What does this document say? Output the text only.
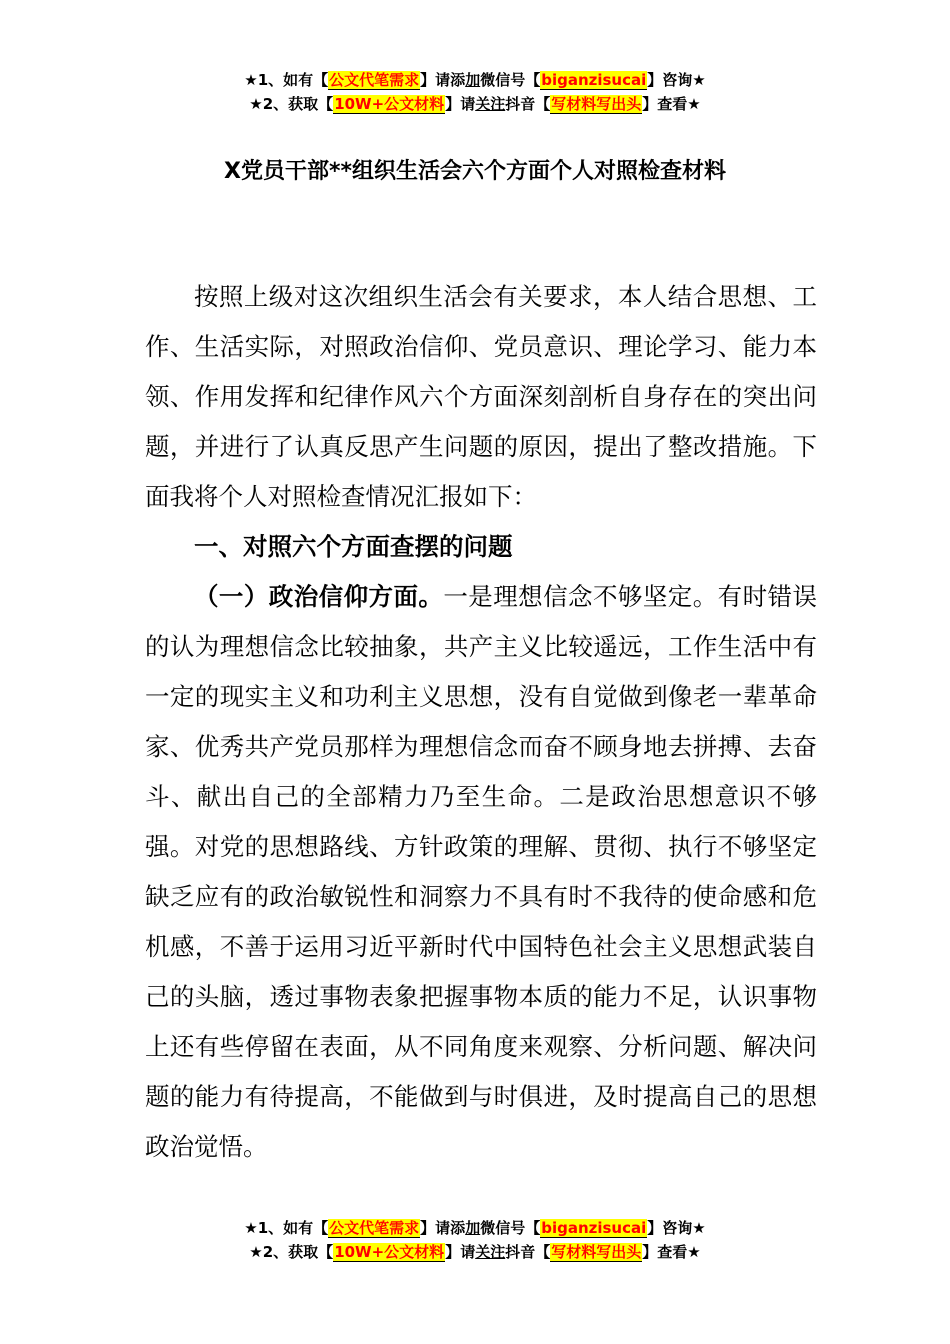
★1、如有【公文代笔需求】请添加微信号【biganzisucai】咨询★
★2、获取【10W+公文材料】请关注抖音【写材料写出头】查看★
X党员干部**组织生活会六个方面个人对照检查材料

按照上级对这次组织生活会有关要求，本人结合思想、工作、生活实际，对照政治信仰、党员意识、理论学习、能力本领、作用发挥和纪律作风六个方面深刻剖析自身存在的突出问题，并进行了认真反思产生问题的原因，提出了整改措施。下面我将个人对照检查情况汇报如下：

一、对照六个方面查摆的问题

（一）政治信仰方面。一是理想信念不够坚定。有时错误的认为理想信念比较抽象，共产主义比较遥远，工作生活中有一定的现实主义和功利主义思想，没有自觉做到像老一辈革命家、优秀共产党员那样为理想信念而奋不顾身地去拼搏、去奋斗、献出自己的全部精力乃至生命。二是政治思想意识不够强。对党的思想路线、方针政策的理解、贯彻、执行不够坚定缺乏应有的政治敏锐性和洞察力不具有时不我待的使命感和危机感，不善于运用习近平新时代中国特色社会主义思想武装自己的头脑，透过事物表象把握事物本质的能力不足，认识事物上还有些停留在表面，从不同角度来观察、分析问题、解决问题的能力有待提高，不能做到与时俱进，及时提高自己的思想政治觉悟。

★1、如有【公文代笔需求】请添加微信号【biganzisucai】咨询★
★2、获取【10W+公文材料】请关注抖音【写材料写出头】查看★
